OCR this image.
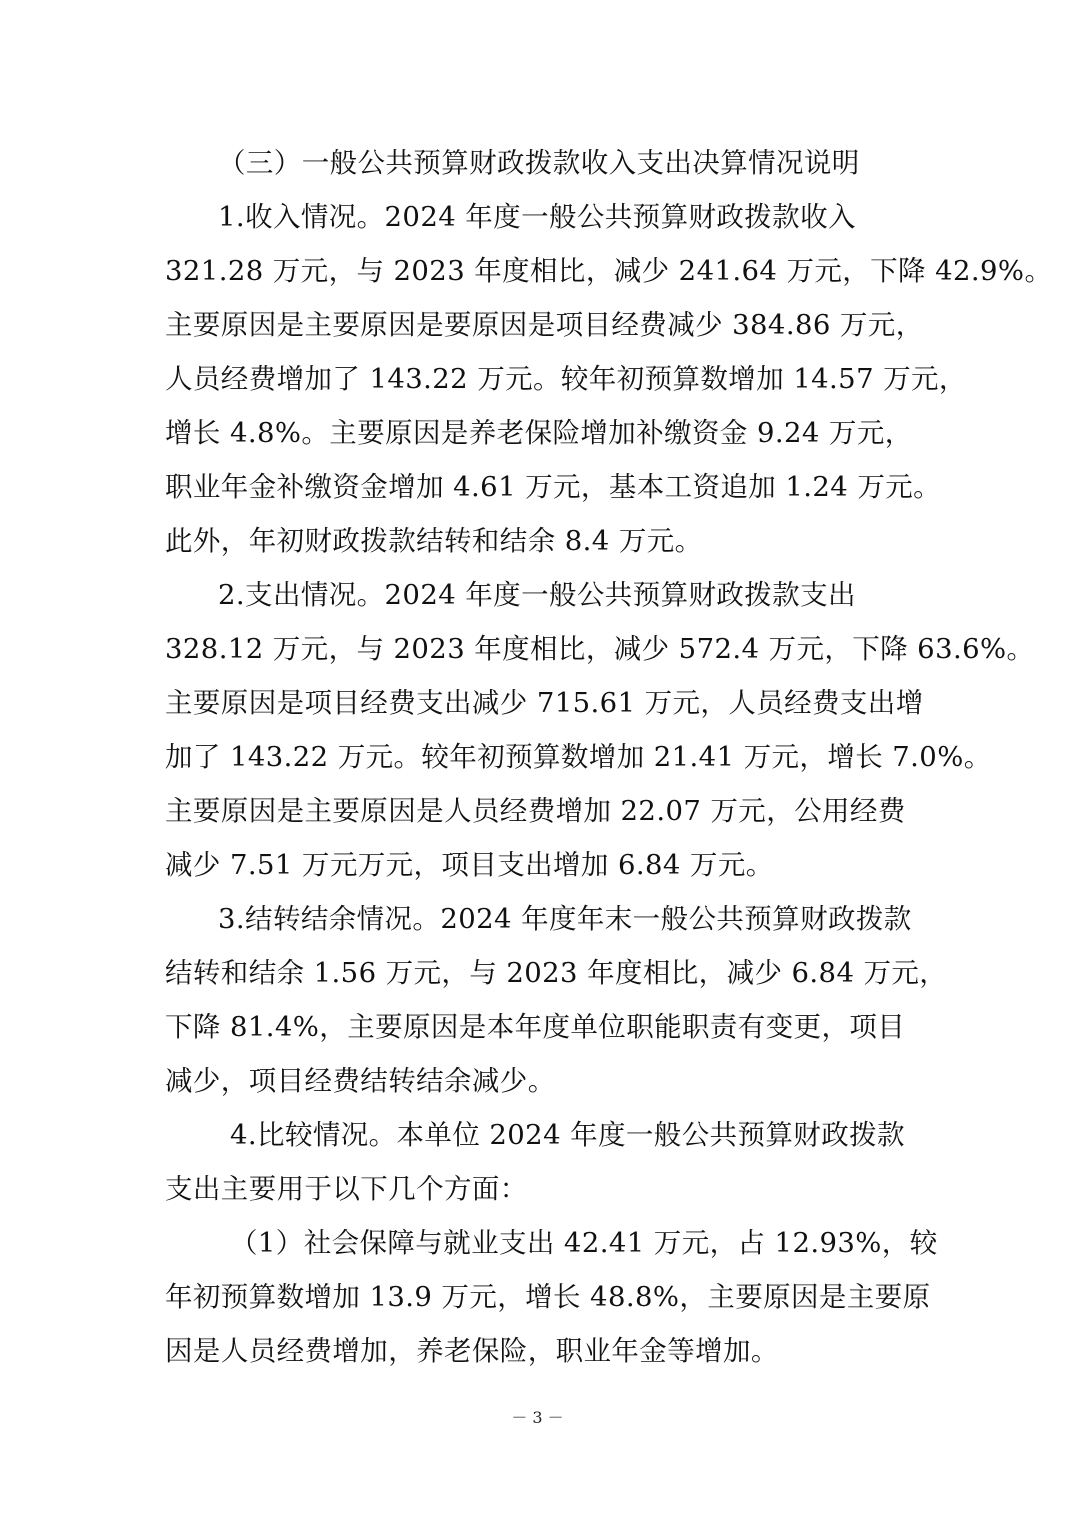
（三）一般公共预算财政拨款收入支出决算情况说明
1.收入情况。2024 年度一般公共预算财政拨款收入
321.28 万元，与 2023 年度相比，减少 241.64 万元，下降 42.9%。
主要原因是主要原因是要原因是项目经费减少 384.86 万元，
人员经费增加了 143.22 万元。较年初预算数增加 14.57 万元，
增长 4.8%。主要原因是养老保险增加补缴资金 9.24 万元，
职业年金补缴资金增加 4.61 万元，基本工资追加 1.24 万元。
此外，年初财政拨款结转和结余 8.4 万元。
2.支出情况。2024 年度一般公共预算财政拨款支出
328.12 万元，与 2023 年度相比，减少 572.4 万元，下降 63.6%。
主要原因是项目经费支出减少 715.61 万元，人员经费支出增
加了 143.22 万元。较年初预算数增加 21.41 万元，增长 7.0%。
主要原因是主要原因是人员经费增加 22.07 万元，公用经费
减少 7.51 万元万元，项目支出增加 6.84 万元。
3.结转结余情况。2024 年度年末一般公共预算财政拨款
结转和结余 1.56 万元，与 2023 年度相比，减少 6.84 万元，
下降 81.4%，主要原因是本年度单位职能职责有变更，项目
减少，项目经费结转结余减少。
4.比较情况。本单位 2024 年度一般公共预算财政拨款
支出主要用于以下几个方面：
（1）社会保障与就业支出 42.41 万元，占 12.93%，较
年初预算数增加 13.9 万元，增长 48.8%，主要原因是主要原
因是人员经费增加，养老保险，职业年金等增加。
－ 3 －
